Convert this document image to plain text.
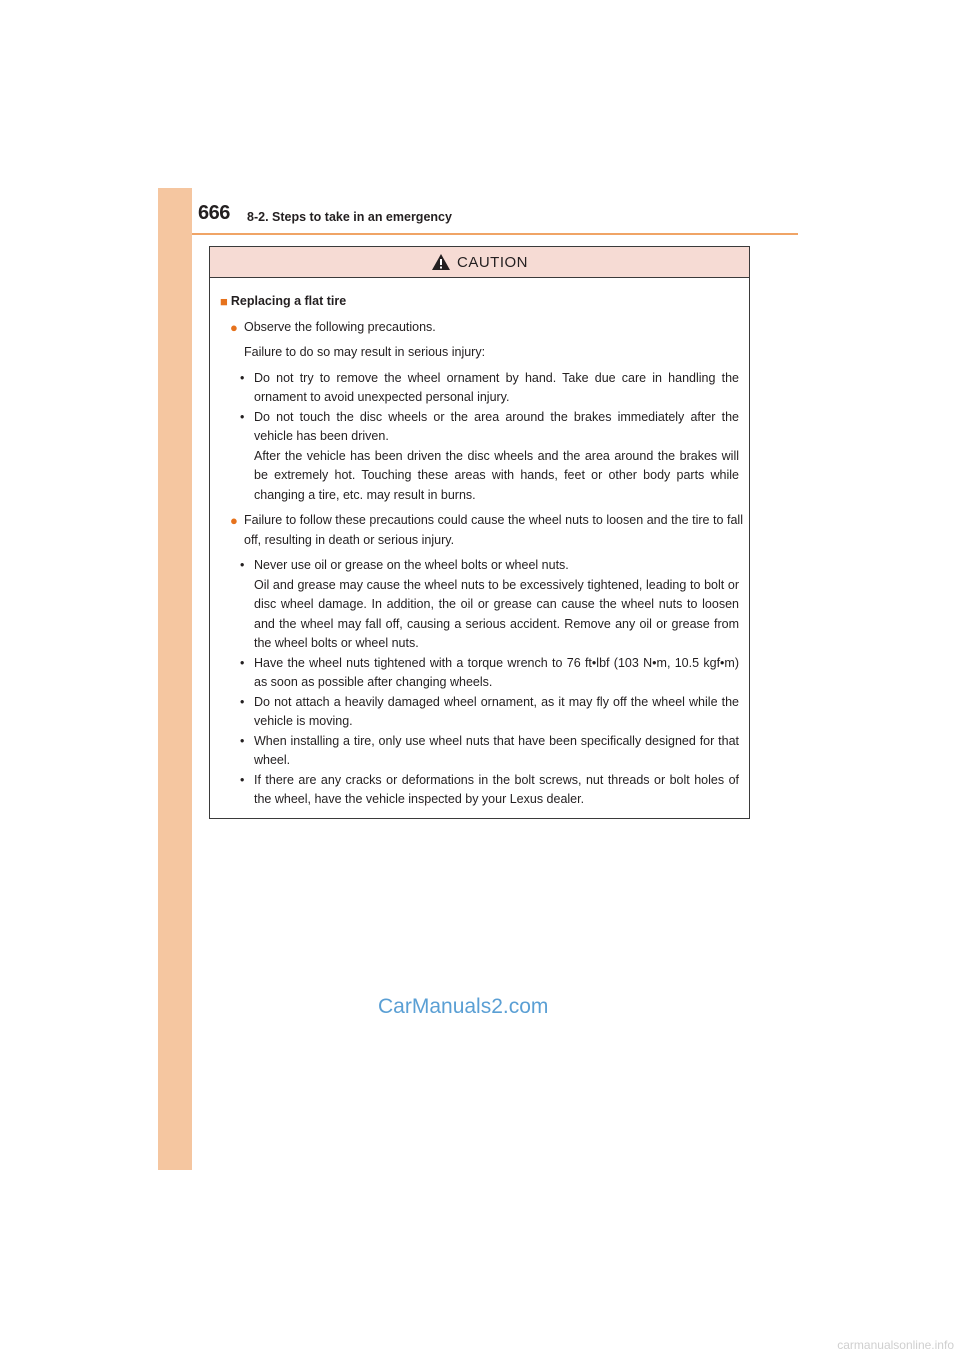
666 8-2. Steps to take in an emergency
CAUTION
■ Replacing a flat tire
● Observe the following precautions.
Failure to do so may result in serious injury:
• Do not try to remove the wheel ornament by hand. Take due care in handling the ornament to avoid unexpected personal injury.
• Do not touch the disc wheels or the area around the brakes immediately after the vehicle has been driven.
After the vehicle has been driven the disc wheels and the area around the brakes will be extremely hot. Touching these areas with hands, feet or other body parts while changing a tire, etc. may result in burns.
● Failure to follow these precautions could cause the wheel nuts to loosen and the tire to fall off, resulting in death or serious injury.
• Never use oil or grease on the wheel bolts or wheel nuts.
Oil and grease may cause the wheel nuts to be excessively tightened, leading to bolt or disc wheel damage. In addition, the oil or grease can cause the wheel nuts to loosen and the wheel may fall off, causing a serious accident. Remove any oil or grease from the wheel bolts or wheel nuts.
• Have the wheel nuts tightened with a torque wrench to 76 ft•lbf (103 N•m, 10.5 kgf•m) as soon as possible after changing wheels.
• Do not attach a heavily damaged wheel ornament, as it may fly off the wheel while the vehicle is moving.
• When installing a tire, only use wheel nuts that have been specifically designed for that wheel.
• If there are any cracks or deformations in the bolt screws, nut threads or bolt holes of the wheel, have the vehicle inspected by your Lexus dealer.
CarManuals2.com
carmanualsonline.info
